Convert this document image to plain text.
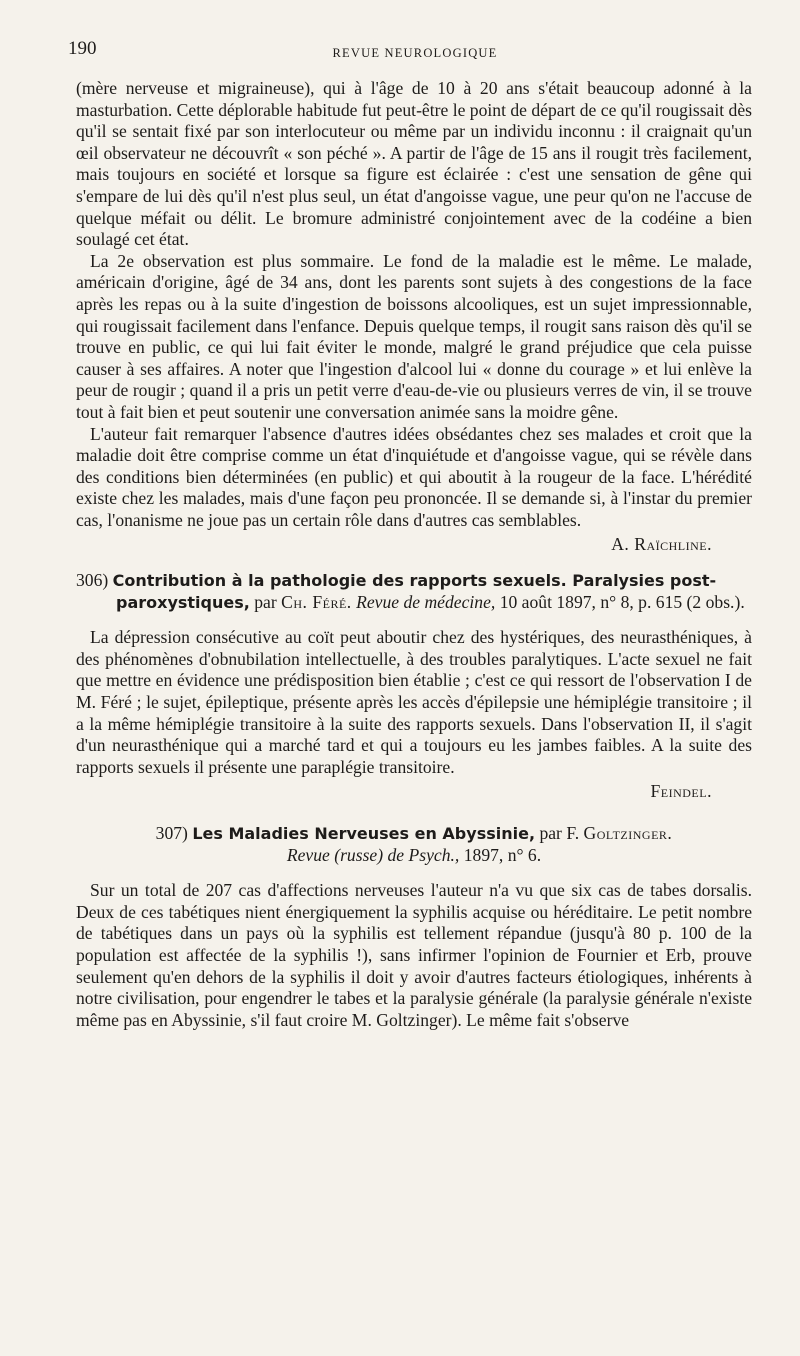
190	REVUE NEUROLOGIQUE

(mère nerveuse et migraineuse), qui à l'âge de 10 à 20 ans s'était beaucoup adonné à la masturbation. Cette déplorable habitude fut peut-être le point de départ de ce qu'il rougissait dès qu'il se sentait fixé par son interlocuteur ou même par un individu inconnu : il craignait qu'un œil observateur ne découvrît « son péché ». A partir de l'âge de 15 ans il rougit très facilement, mais toujours en société et lorsque sa figure est éclairée : c'est une sensation de gêne qui s'empare de lui dès qu'il n'est plus seul, un état d'angoisse vague, une peur qu'on ne l'accuse de quelque méfait ou délit. Le bromure administré conjointement avec de la codéine a bien soulagé cet état.

La 2e observation est plus sommaire. Le fond de la maladie est le même. Le malade, américain d'origine, âgé de 34 ans, dont les parents sont sujets à des congestions de la face après les repas ou à la suite d'ingestion de boissons alcooliques, est un sujet impressionnable, qui rougissait facilement dans l'enfance. Depuis quelque temps, il rougit sans raison dès qu'il se trouve en public, ce qui lui fait éviter le monde, malgré le grand préjudice que cela puisse causer à ses affaires. A noter que l'ingestion d'alcool lui « donne du courage » et lui enlève la peur de rougir ; quand il a pris un petit verre d'eau-de-vie ou plusieurs verres de vin, il se trouve tout à fait bien et peut soutenir une conversation animée sans la moidre gêne.

L'auteur fait remarquer l'absence d'autres idées obsédantes chez ses malades et croit que la maladie doit être comprise comme un état d'inquiétude et d'angoisse vague, qui se révèle dans des conditions bien déterminées (en public) et qui aboutit à la rougeur de la face. L'hérédité existe chez les malades, mais d'une façon peu prononcée. Il se demande si, à l'instar du premier cas, l'onanisme ne joue pas un certain rôle dans d'autres cas semblables.

A. Raïchline.

306) Contribution à la pathologie des rapports sexuels. Paralysies post-paroxystiques, par Ch. Féré. Revue de médecine, 10 août 1897, n° 8, p. 615 (2 obs.).

La dépression consécutive au coït peut aboutir chez des hystériques, des neurasthéniques, à des phénomènes d'obnubilation intellectuelle, à des troubles paralytiques. L'acte sexuel ne fait que mettre en évidence une prédisposition bien établie ; c'est ce qui ressort de l'observation I de M. Féré ; le sujet, épileptique, présente après les accès d'épilepsie une hémiplégie transitoire ; il a la même hémiplégie transitoire à la suite des rapports sexuels. Dans l'observation II, il s'agit d'un neurasthénique qui a marché tard et qui a toujours eu les jambes faibles. A la suite des rapports sexuels il présente une paraplégie transitoire.

Feindel.

307) Les Maladies Nerveuses en Abyssinie, par F. Goltzinger.
Revue (russe) de Psych., 1897, n° 6.

Sur un total de 207 cas d'affections nerveuses l'auteur n'a vu que six cas de tabes dorsalis. Deux de ces tabétiques nient énergiquement la syphilis acquise ou héréditaire. Le petit nombre de tabétiques dans un pays où la syphilis est tellement répandue (jusqu'à 80 p. 100 de la population est affectée de la syphilis !), sans infirmer l'opinion de Fournier et Erb, prouve seulement qu'en dehors de la syphilis il doit y avoir d'autres facteurs étiologiques, inhérents à notre civilisation, pour engendrer le tabes et la paralysie générale (la paralysie générale n'existe même pas en Abyssinie, s'il faut croire M. Goltzinger). Le même fait s'observe
